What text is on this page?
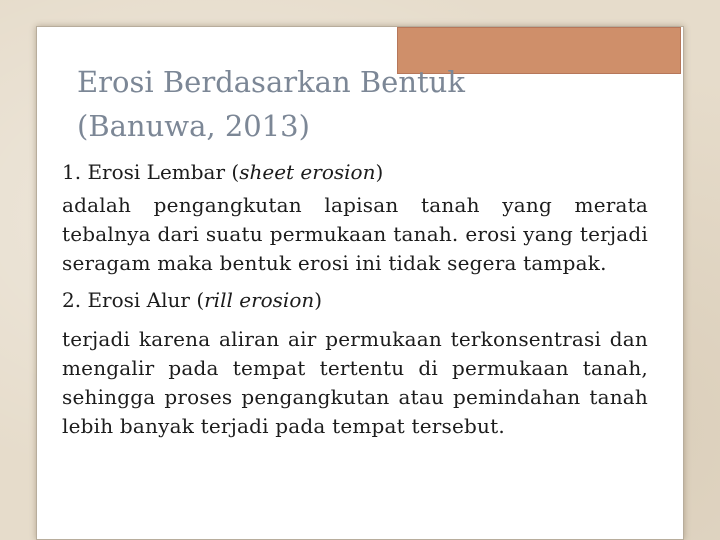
Erosi Berdasarkan Bentuk
(Banuwa, 2013)

1. Erosi Lembar (sheet erosion)

adalah pengangkutan lapisan tanah yang merata tebalnya dari suatu permukaan tanah. erosi yang terjadi seragam maka bentuk erosi ini tidak segera tampak.

2. Erosi Alur (rill erosion)

terjadi karena aliran air permukaan terkonsentrasi dan mengalir pada tempat tertentu di permukaan tanah, sehingga proses pengangkutan atau pemindahan tanah lebih banyak terjadi pada tempat tersebut.
